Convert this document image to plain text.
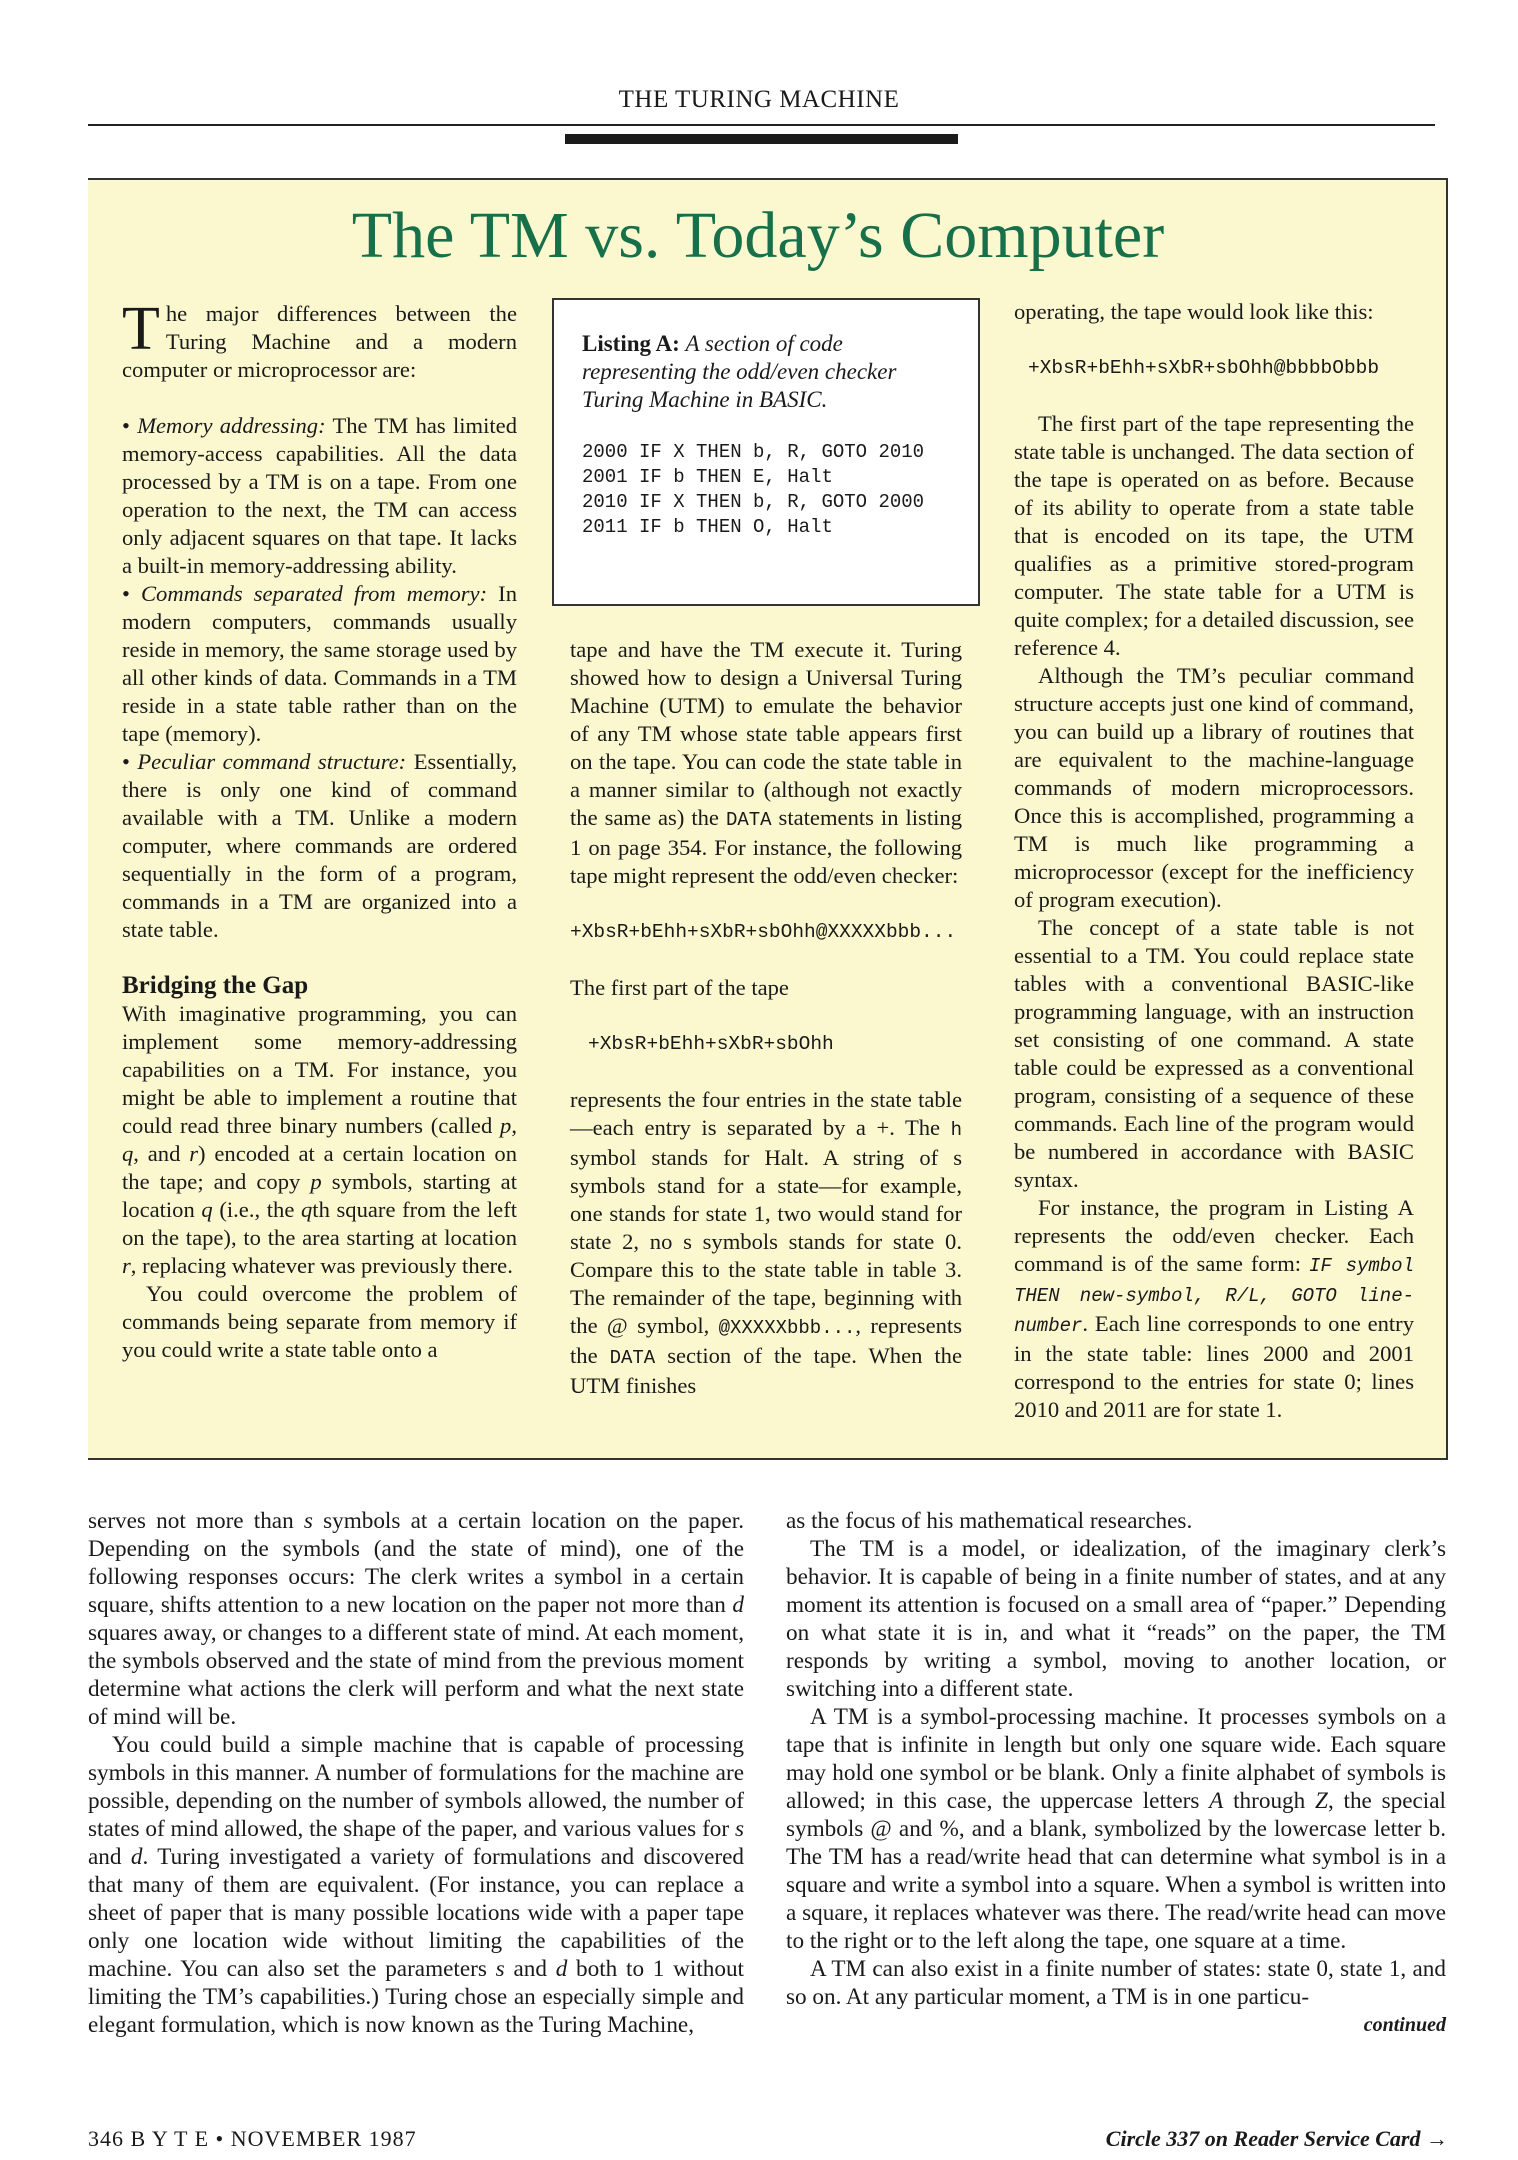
THE TURING MACHINE
The TM vs. Today’s Computer

The major differences between the Turing Machine and a modern computer or microprocessor are:

• Memory addressing: The TM has limited memory-access capabilities. All the data processed by a TM is on a tape. From one operation to the next, the TM can access only adjacent squares on that tape. It lacks a built-in memory-addressing ability.

• Commands separated from memory: In modern computers, commands usually reside in memory, the same storage used by all other kinds of data. Commands in a TM reside in a state table rather than on the tape (memory).

• Peculiar command structure: Essentially, there is only one kind of command available with a TM. Unlike a modern computer, where commands are ordered sequentially in the form of a program, commands in a TM are organized into a state table.

Bridging the Gap

With imaginative programming, you can implement some memory-addressing capabilities on a TM. For instance, you might be able to implement a routine that could read three binary numbers (called p, q, and r) encoded at a certain location on the tape; and copy p symbols, starting at location q (i.e., the qth square from the left on the tape), to the area starting at location r, replacing whatever was previously there.

You could overcome the problem of commands being separate from memory if you could write a state table onto a

Listing A: A section of code representing the odd/even checker Turing Machine in BASIC.
2000 IF X THEN b, R, GOTO 2010
2001 IF b THEN E, Halt
2010 IF X THEN b, R, GOTO 2000
2011 IF b THEN O, Halt

tape and have the TM execute it. Turing showed how to design a Universal Turing Machine (UTM) to emulate the behavior of any TM whose state table appears first on the tape. You can code the state table in a manner similar to (although not exactly the same as) the DATA statements in listing 1 on page 354. For instance, the following tape might represent the odd/even checker:

+XbsR+bEhh+sXbR+sbOhh@XXXXXbbb...

The first part of the tape

+XbsR+bEhh+sXbR+sbOhh

represents the four entries in the state table—each entry is separated by a +. The h symbol stands for Halt. A string of s symbols stand for a state—for example, one stands for state 1, two would stand for state 2, no s symbols stands for state 0. Compare this to the state table in table 3. The remainder of the tape, beginning with the @ symbol, @XXXXXbbb..., represents the DATA section of the tape. When the UTM finishes

operating, the tape would look like this:

+XbsR+bEhh+sXbR+sbOhh@bbbbObbb

The first part of the tape representing the state table is unchanged. The data section of the tape is operated on as before. Because of its ability to operate from a state table that is encoded on its tape, the UTM qualifies as a primitive stored-program computer. The state table for a UTM is quite complex; for a detailed discussion, see reference 4.

Although the TM’s peculiar command structure accepts just one kind of command, you can build up a library of routines that are equivalent to the machine-language commands of modern microprocessors. Once this is accomplished, programming a TM is much like programming a microprocessor (except for the inefficiency of program execution).

The concept of a state table is not essential to a TM. You could replace state tables with a conventional BASIC-like programming language, with an instruction set consisting of one command. A state table could be expressed as a conventional program, consisting of a sequence of these commands. Each line of the program would be numbered in accordance with BASIC syntax.

For instance, the program in Listing A represents the odd/even checker. Each command is of the same form: IF symbol THEN new-symbol, R/L, GOTO line-number. Each line corresponds to one entry in the state table: lines 2000 and 2001 correspond to the entries for state 0; lines 2010 and 2011 are for state 1.

serves not more than s symbols at a certain location on the paper. Depending on the symbols (and the state of mind), one of the following responses occurs: The clerk writes a symbol in a certain square, shifts attention to a new location on the paper not more than d squares away, or changes to a different state of mind. At each moment, the symbols observed and the state of mind from the previous moment determine what actions the clerk will perform and what the next state of mind will be.

You could build a simple machine that is capable of processing symbols in this manner. A number of formulations for the machine are possible, depending on the number of symbols allowed, the number of states of mind allowed, the shape of the paper, and various values for s and d. Turing investigated a variety of formulations and discovered that many of them are equivalent. (For instance, you can replace a sheet of paper that is many possible locations wide with a paper tape only one location wide without limiting the capabilities of the machine. You can also set the parameters s and d both to 1 without limiting the TM’s capabilities.) Turing chose an especially simple and elegant formulation, which is now known as the Turing Machine,

as the focus of his mathematical researches.

The TM is a model, or idealization, of the imaginary clerk’s behavior. It is capable of being in a finite number of states, and at any moment its attention is focused on a small area of “paper.” Depending on what state it is in, and what it “reads” on the paper, the TM responds by writing a symbol, moving to another location, or switching into a different state.

A TM is a symbol-processing machine. It processes symbols on a tape that is infinite in length but only one square wide. Each square may hold one symbol or be blank. Only a finite alphabet of symbols is allowed; in this case, the uppercase letters A through Z, the special symbols @ and %, and a blank, symbolized by the lowercase letter b. The TM has a read/write head that can determine what symbol is in a square and write a symbol into a square. When a symbol is written into a square, it replaces whatever was there. The read/write head can move to the right or to the left along the tape, one square at a time.

A TM can also exist in a finite number of states: state 0, state 1, and so on. At any particular moment, a TM is in one particu-

continued

346 B Y T E • NOVEMBER 1987	Circle 337 on Reader Service Card →
